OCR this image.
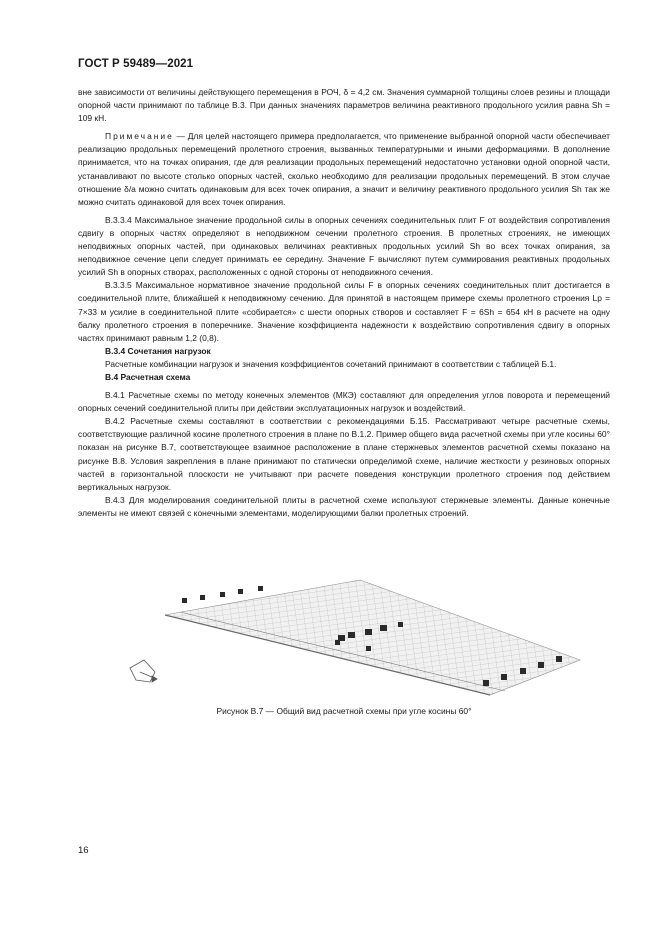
ГОСТ Р 59489—2021

вне зависимости от величины действующего перемещения в РОЧ, δ = 4,2 см. Значения суммарной толщины слоев резины и площади опорной части принимают по таблице В.3. При данных значениях параметров величина реактивного продольного усилия равна Sh = 109 кН.

Примечание — Для целей настоящего примера предполагается, что применение выбранной опорной части обеспечивает реализацию продольных перемещений пролетного строения, вызванных температурными и иными деформациями. В дополнение принимается, что на точках опирания, где для реализации продольных перемещений недостаточно установки одной опорной части, устанавливают по высоте столько опорных частей, сколько необходимо для реализации продольных перемещений. В этом случае отношение δ/a можно считать одинаковым для всех точек опирания, а значит и величину реактивного продольного усилия Sh так же можно считать одинаковой для всех точек опирания.

В.3.3.4 Максимальное значение продольной силы в опорных сечениях соединительных плит F от воздействия сопротивления сдвигу в опорных частях определяют в неподвижном сечении пролетного строения. В пролетных строениях, не имеющих неподвижных опорных частей, при одинаковых величинах реактивных продольных усилий Sh во всех точках опирания, за неподвижное сечение цепи следует принимать ее середину. Значение F вычисляют путем суммирования реактивных продольных усилий Sh в опорных створах, расположенных с одной стороны от неподвижного сечения.

В.3.3.5 Максимальное нормативное значение продольной силы F в опорных сечениях соединительных плит достигается в соединительной плите, ближайшей к неподвижному сечению. Для принятой в настоящем примере схемы пролетного строения Lp = 7×33 м усилие в соединительной плите «собирается» с шести опорных створов и составляет F = 6Sh = 654 кН в расчете на одну балку пролетного строения в поперечнике. Значение коэффициента надежности к воздействию сопротивления сдвигу в опорных частях принимают равным 1,2 (0,8).

В.3.4 Сочетания нагрузок

Расчетные комбинации нагрузок и значения коэффициентов сочетаний принимают в соответствии с таблицей Б.1.

В.4 Расчетная схема

В.4.1 Расчетные схемы по методу конечных элементов (МКЭ) составляют для определения углов поворота и перемещений опорных сечений соединительной плиты при действии эксплуатационных нагрузок и воздействий.

В.4.2 Расчетные схемы составляют в соответствии с рекомендациями Б.15. Рассматривают четыре расчетные схемы, соответствующие различной косине пролетного строения в плане по В.1.2. Пример общего вида расчетной схемы при угле косины 60° показан на рисунке В.7, соответствующее взаимное расположение в плане стержневых элементов расчетной схемы показано на рисунке В.8. Условия закрепления в плане принимают по статически определимой схеме, наличие жесткости у резиновых опорных частей в горизонтальной плоскости не учитывают при расчете поведения конструкции пролетного строения под действием вертикальных нагрузок.

В.4.3 Для моделирования соединительной плиты в расчетной схеме используют стержневые элементы. Данные конечные элементы не имеют связей с конечными элементами, моделирующими балки пролетных строений.

Рисунок В.7 — Общий вид расчетной схемы при угле косины 60°
16
